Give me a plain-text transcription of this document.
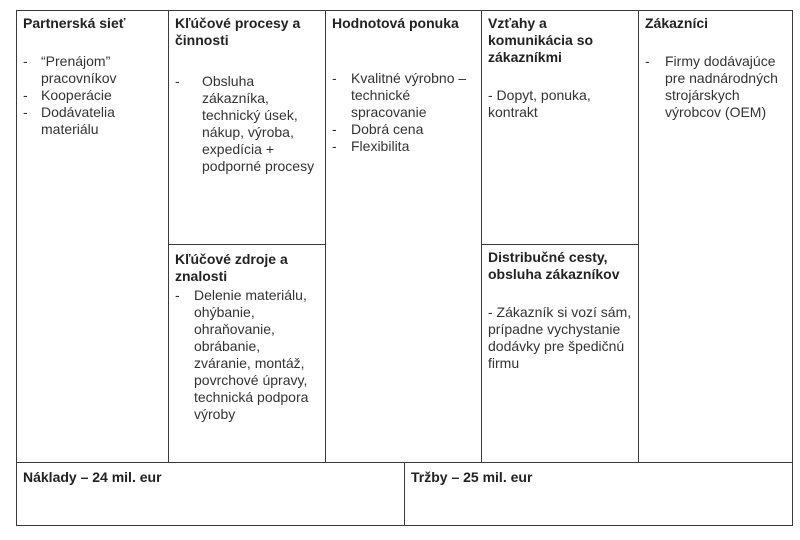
Partnerská sieť
- “Prenájom” pracovníkov
- Kooperácie
- Dodávatelia materiálu
Kľúčové procesy a činnosti
- Obsluha zákazníka, technický úsek, nákup, výroba, expedícia + podporné procesy
Kľúčové zdroje a znalosti
- Delenie materiálu, ohýbanie, ohraňovanie, obrábanie, zváranie, montáž, povrchové úpravy, technická podpora výroby
Hodnotová ponuka
- Kvalitné výrobno – technické spracovanie
- Dobrá cena
- Flexibilita
Vzťahy a komunikácia so zákazníkmi
- Dopyt, ponuka, kontrakt
Distribučné cesty, obsluha zákazníkov
- Zákazník si vozí sám, prípadne vychystanie dodávky pre špedičnú firmu
Zákazníci
- Firmy dodávajúce pre nadnárodných strojárskych výrobcov (OEM)
Náklady – 24 mil. eur	Tržby – 25 mil. eur
